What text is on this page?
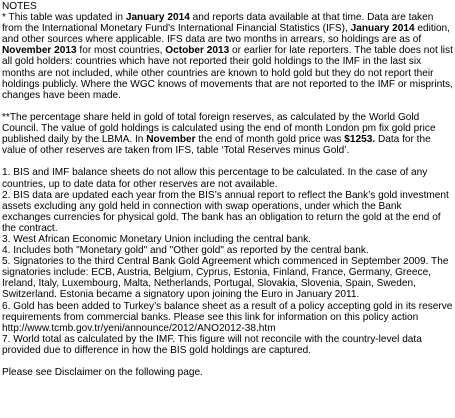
NOTES

* This table was updated in January 2014 and reports data available at that time. Data are taken from the International Monetary Fund's International Financial Statistics (IFS), January 2014 edition, and other sources where applicable. IFS data are two months in arrears, so holdings are as of November 2013 for most countries, October 2013 or earlier for late reporters. The table does not list all gold holders: countries which have not reported their gold holdings to the IMF in the last six months are not included, while other countries are known to hold gold but they do not report their holdings publicly. Where the WGC knows of movements that are not reported to the IMF or misprints, changes have been made.

**The percentage share held in gold of total foreign reserves, as calculated by the World Gold Council. The value of gold holdings is calculated using the end of month London pm fix gold price published daily by the LBMA. In November the end of month gold price was $1253. Data for the value of other reserves are taken from IFS, table ‘Total Reserves minus Gold’.

1. BIS and IMF balance sheets do not allow this percentage to be calculated. In the case of any countries, up to date data for other reserves are not available.

2. BIS data are updated each year from the BIS’s annual report to reflect the Bank’s gold investment assets excluding any gold held in connection with swap operations, under which the Bank exchanges currencies for physical gold. The bank has an obligation to return the gold at the end of the contract.

3. West African Economic Monetary Union including the central bank.

4. Includes both "Monetary gold" and "Other gold" as reported by the central bank.

5. Signatories to the third Central Bank Gold Agreement which commenced in September 2009. The signatories include: ECB, Austria, Belgium, Cyprus, Estonia, Finland, France, Germany, Greece, Ireland, Italy, Luxembourg, Malta, Netherlands, Portugal, Slovakia, Slovenia, Spain, Sweden, Switzerland. Estonia became a signatory upon joining the Euro in January 2011.

6. Gold has been added to Turkey’s balance sheet as a result of a policy accepting gold in its reserve requirements from commercial banks. Please see this link for information on this policy action http://www.tcmb.gov.tr/yeni/announce/2012/ANO2012-38.htm

7. World total as calculated by the IMF. This figure will not reconcile with the country-level data provided due to difference in how the BIS gold holdings are captured.

Please see Disclaimer on the following page.
